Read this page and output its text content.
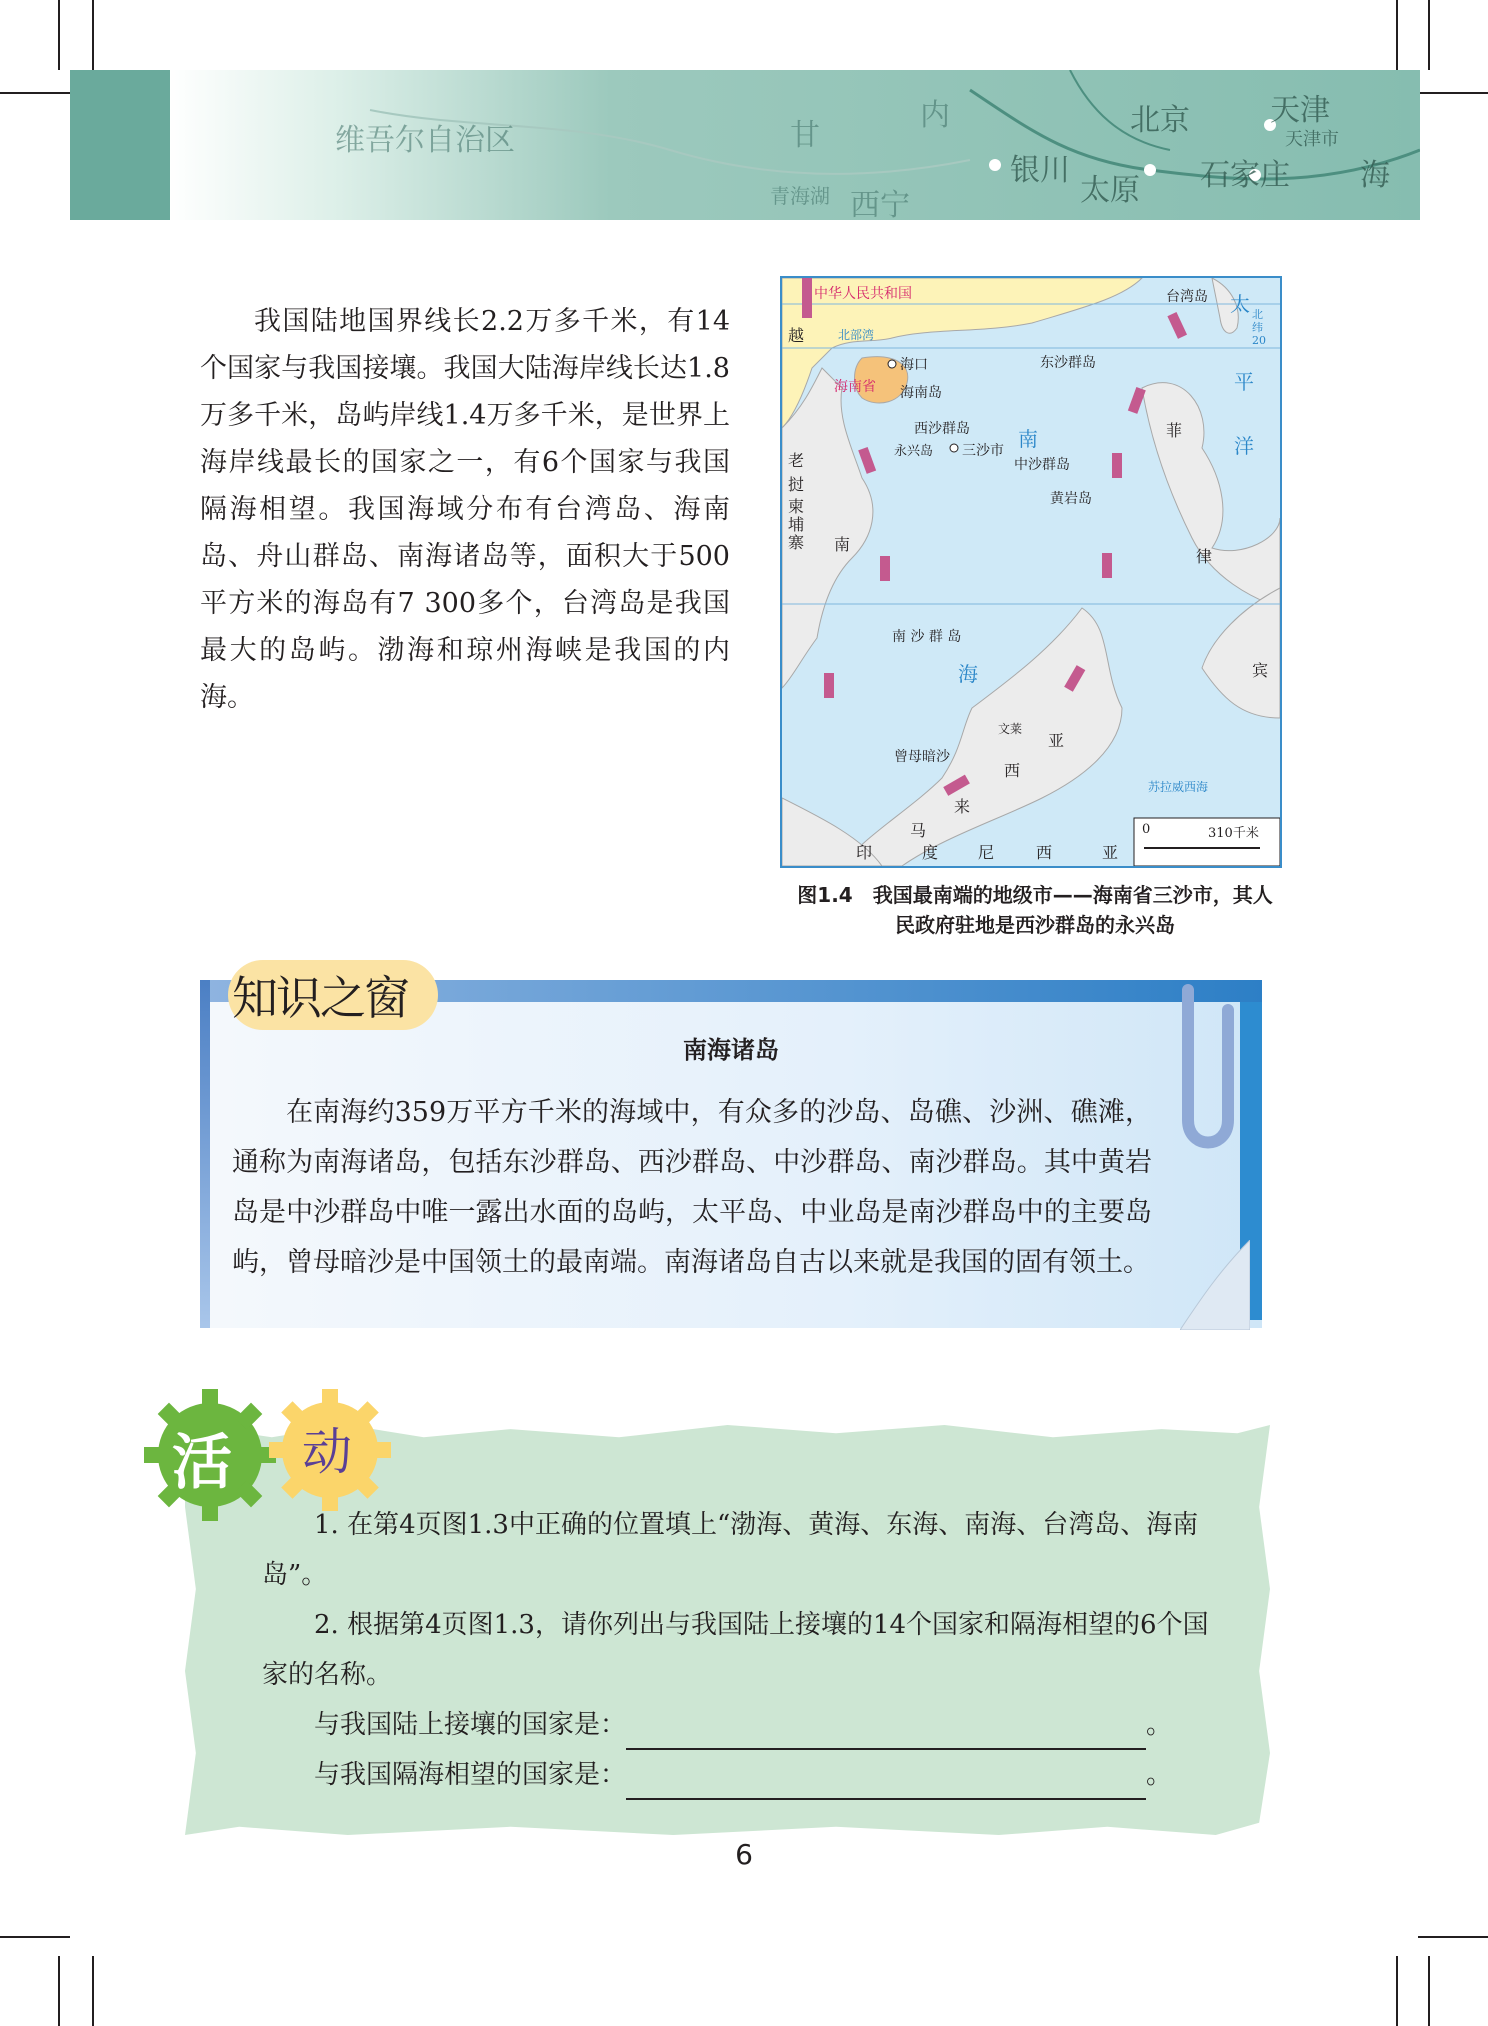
维吾尔自治区	甘
内
银川
太原
北京	天津
天津市
石家庄
青海湖 西宁
海

我国陆地国界线长2.2万多千米，有14个国家与我国接壤。我国大陆海岸线长达1.8万多千米，岛屿岸线1.4万多千米，是世界上海岸线最长的国家之一，有6个国家与我国隔海相望。我国海域分布有台湾岛、海南岛、舟山群岛、南海诸岛等，面积大于500平方米的海岛有7 300多个，台湾岛是我国最大的岛屿。渤海和琼州海峡是我国的内海。

中华人民共和国
越	北部湾
海口
海南省 海南岛
台湾岛
东沙群岛
西沙群岛
永兴岛 三沙市
中沙群岛
黄岩岛
南 沙 群 岛
曾母暗沙
文莱
苏拉威西海
南
海
太
平
洋
菲
律
宾
老
挝
柬埔寨 南
马
来
西
亚
印	度 尼	西	亚
北纬20
0	310千米
图1.4　我国最南端的地级市——海南省三沙市，其人民政府驻地是西沙群岛的永兴岛
知识之窗
南海诸岛

在南海约359万平方千米的海域中，有众多的沙岛、岛礁、沙洲、礁滩，通称为南海诸岛，包括东沙群岛、西沙群岛、中沙群岛、南沙群岛。其中黄岩岛是中沙群岛中唯一露出水面的岛屿，太平岛、中业岛是南沙群岛中的主要岛屿，曾母暗沙是中国领土的最南端。南海诸岛自古以来就是我国的固有领土。

活 动

1. 在第4页图1.3中正确的位置填上“渤海、黄海、东海、南海、台湾岛、海南岛”。

2. 根据第4页图1.3，请你列出与我国陆上接壤的14个国家和隔海相望的6个国家的名称。

与我国陆上接壤的国家是：	。

与我国隔海相望的国家是：	。

6
